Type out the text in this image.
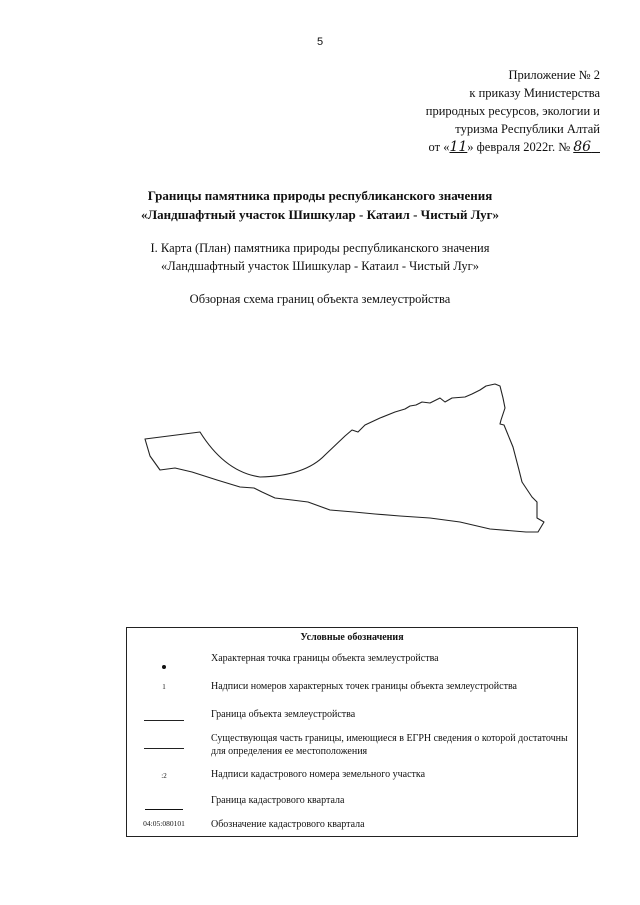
5
Приложение № 2
к приказу Министерства
природных ресурсов, экологии и
туризма Республики Алтай
от «11» февраля 2022г. № 86
Границы памятника природы республиканского значения
«Ландшафтный участок Шишкулар - Катаил - Чистый Луг»
I. Карта (План) памятника природы республиканского значения
«Ландшафтный участок Шишкулар - Катаил - Чистый Луг»
Обзорная схема границ объекта землеустройства
Условные обозначения
Характерная точка границы объекта землеустройства
1	Надписи номеров характерных точек границы объекта землеустройства
Граница объекта землеустройства
Существующая часть границы, имеющиеся в ЕГРН сведения о которой достаточны для определения ее местоположения
:2	Надписи кадастрового номера земельного участка
Граница кадастрового квартала
04:05:080101	Обозначение кадастрового квартала
